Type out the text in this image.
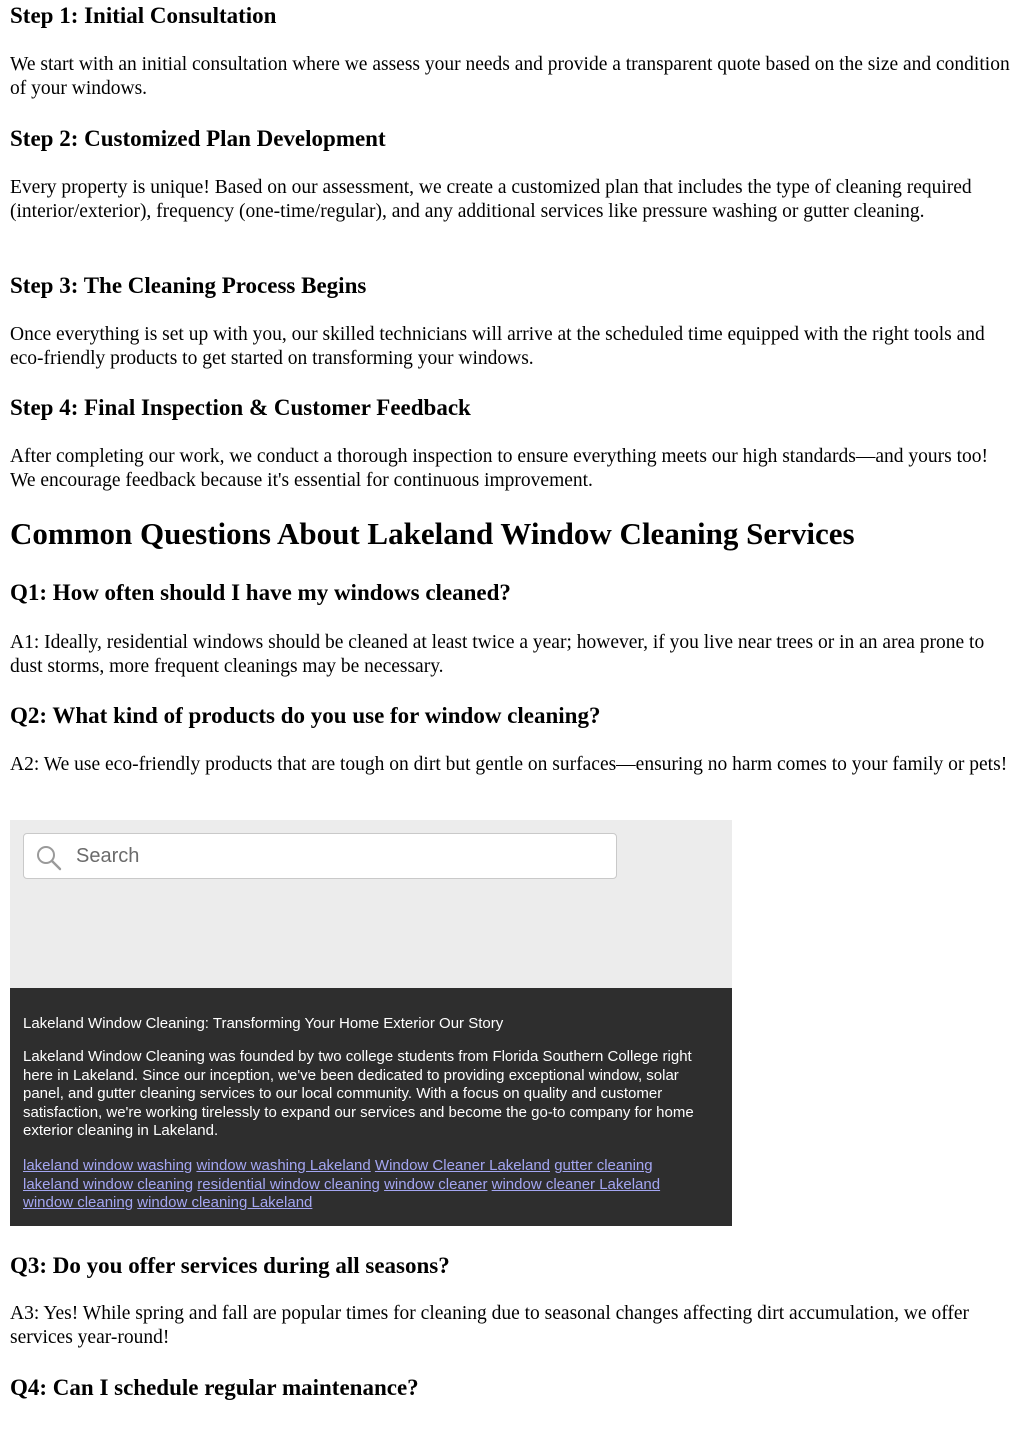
Step 1: Initial Consultation

We start with an initial consultation where we assess your needs and provide a transparent quote based on the size and condition of your windows.

Step 2: Customized Plan Development

Every property is unique! Based on our assessment, we create a customized plan that includes the type of cleaning required (interior/exterior), frequency (one-time/regular), and any additional services like pressure washing or gutter cleaning.

Step 3: The Cleaning Process Begins

Once everything is set up with you, our skilled technicians will arrive at the scheduled time equipped with the right tools and eco-friendly products to get started on transforming your windows.

Step 4: Final Inspection & Customer Feedback

After completing our work, we conduct a thorough inspection to ensure everything meets our high standards—and yours too! We encourage feedback because it's essential for continuous improvement.

Common Questions About Lakeland Window Cleaning Services
Q1: How often should I have my windows cleaned?

A1: Ideally, residential windows should be cleaned at least twice a year; however, if you live near trees or in an area prone to dust storms, more frequent cleanings may be necessary.

Q2: What kind of products do you use for window cleaning?

A2: We use eco-friendly products that are tough on dirt but gentle on surfaces—ensuring no harm comes to your family or pets!

Q3: Do you offer services during all seasons?

A3: Yes! While spring and fall are popular times for cleaning due to seasonal changes affecting dirt accumulation, we offer services year-round!

Q4: Can I schedule regular maintenance?
Search
Lakeland Window Cleaning: Transforming Your Home Exterior Our Story
Lakeland Window Cleaning was founded by two college students from Florida Southern College right here in Lakeland. Since our inception, we've been dedicated to providing exceptional window, solar panel, and gutter cleaning services to our local community. With a focus on quality and customer satisfaction, we're working tirelessly to expand our services and become the go-to company for home exterior cleaning in Lakeland.
lakeland window washing window washing Lakeland Window Cleaner Lakeland gutter cleaning lakeland window cleaning residential window cleaning window cleaner window cleaner Lakeland window cleaning window cleaning Lakeland
